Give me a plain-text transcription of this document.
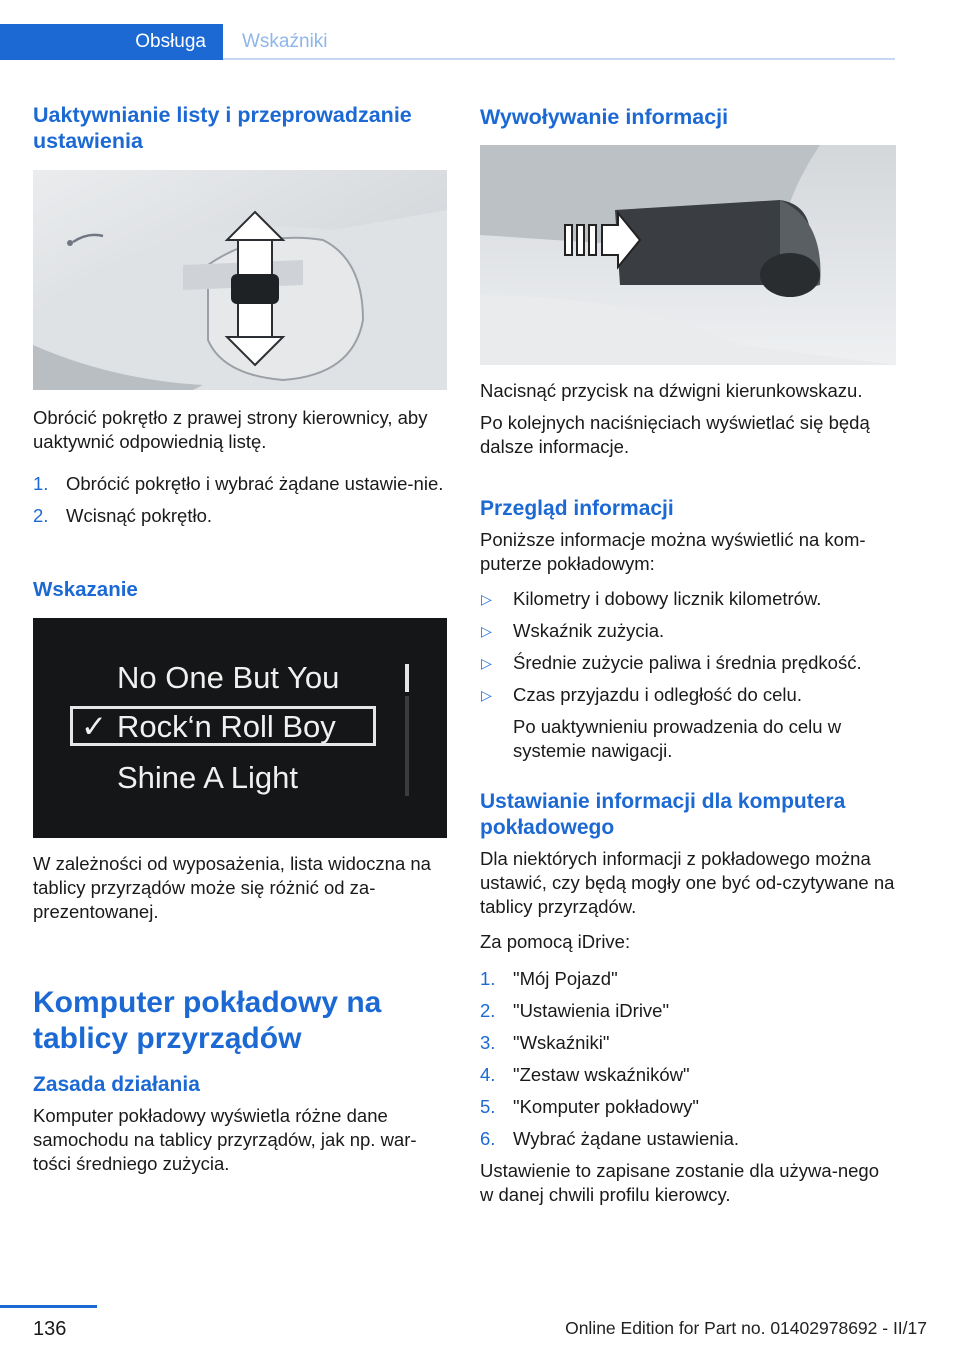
Obsługa Wskaźniki
Uaktywnianie listy i przeprowadzanie ustawienia

Obrócić pokrętło z prawej strony kierownicy, aby uaktywnić odpowiednią listę.

1. Obrócić pokrętło i wybrać żądane ustawie‐nie.
2. Wcisnąć pokrętło.
Wskazanie
No One But You
✓ Rock‘n Roll Boy
Shine A Light

W zależności od wyposażenia, lista widoczna na tablicy przyrządów może się różnić od za‐prezentowanej.

Komputer pokładowy na tablicy przyrządów
Zasada działania

Komputer pokładowy wyświetla różne dane samochodu na tablicy przyrządów, jak np. war‐tości średniego zużycia.

Wywoływanie informacji

Nacisnąć przycisk na dźwigni kierunkowskazu.

Po kolejnych naciśnięciach wyświetlać się będą dalsze informacje.

Przegląd informacji

Poniższe informacje można wyświetlić na kom‐puterze pokładowym:

▷ Kilometry i dobowy licznik kilometrów.
▷ Wskaźnik zużycia.
▷ Średnie zużycie paliwa i średnia prędkość.
▷ Czas przyjazdu i odległość do celu.
Po uaktywnieniu prowadzenia do celu w systemie nawigacji.
Ustawianie informacji dla komputera pokładowego

Dla niektórych informacji z pokładowego można ustawić, czy będą mogły one być od‐czytywane na tablicy przyrządów.

Za pomocą iDrive:

1. "Mój Pojazd"
2. "Ustawienia iDrive"
3. "Wskaźniki"
4. "Zestaw wskaźników"
5. "Komputer pokładowy"
6. Wybrać żądane ustawienia.

Ustawienie to zapisane zostanie dla używa‐nego w danej chwili profilu kierowcy.

136	Online Edition for Part no. 01402978692 - II/17
